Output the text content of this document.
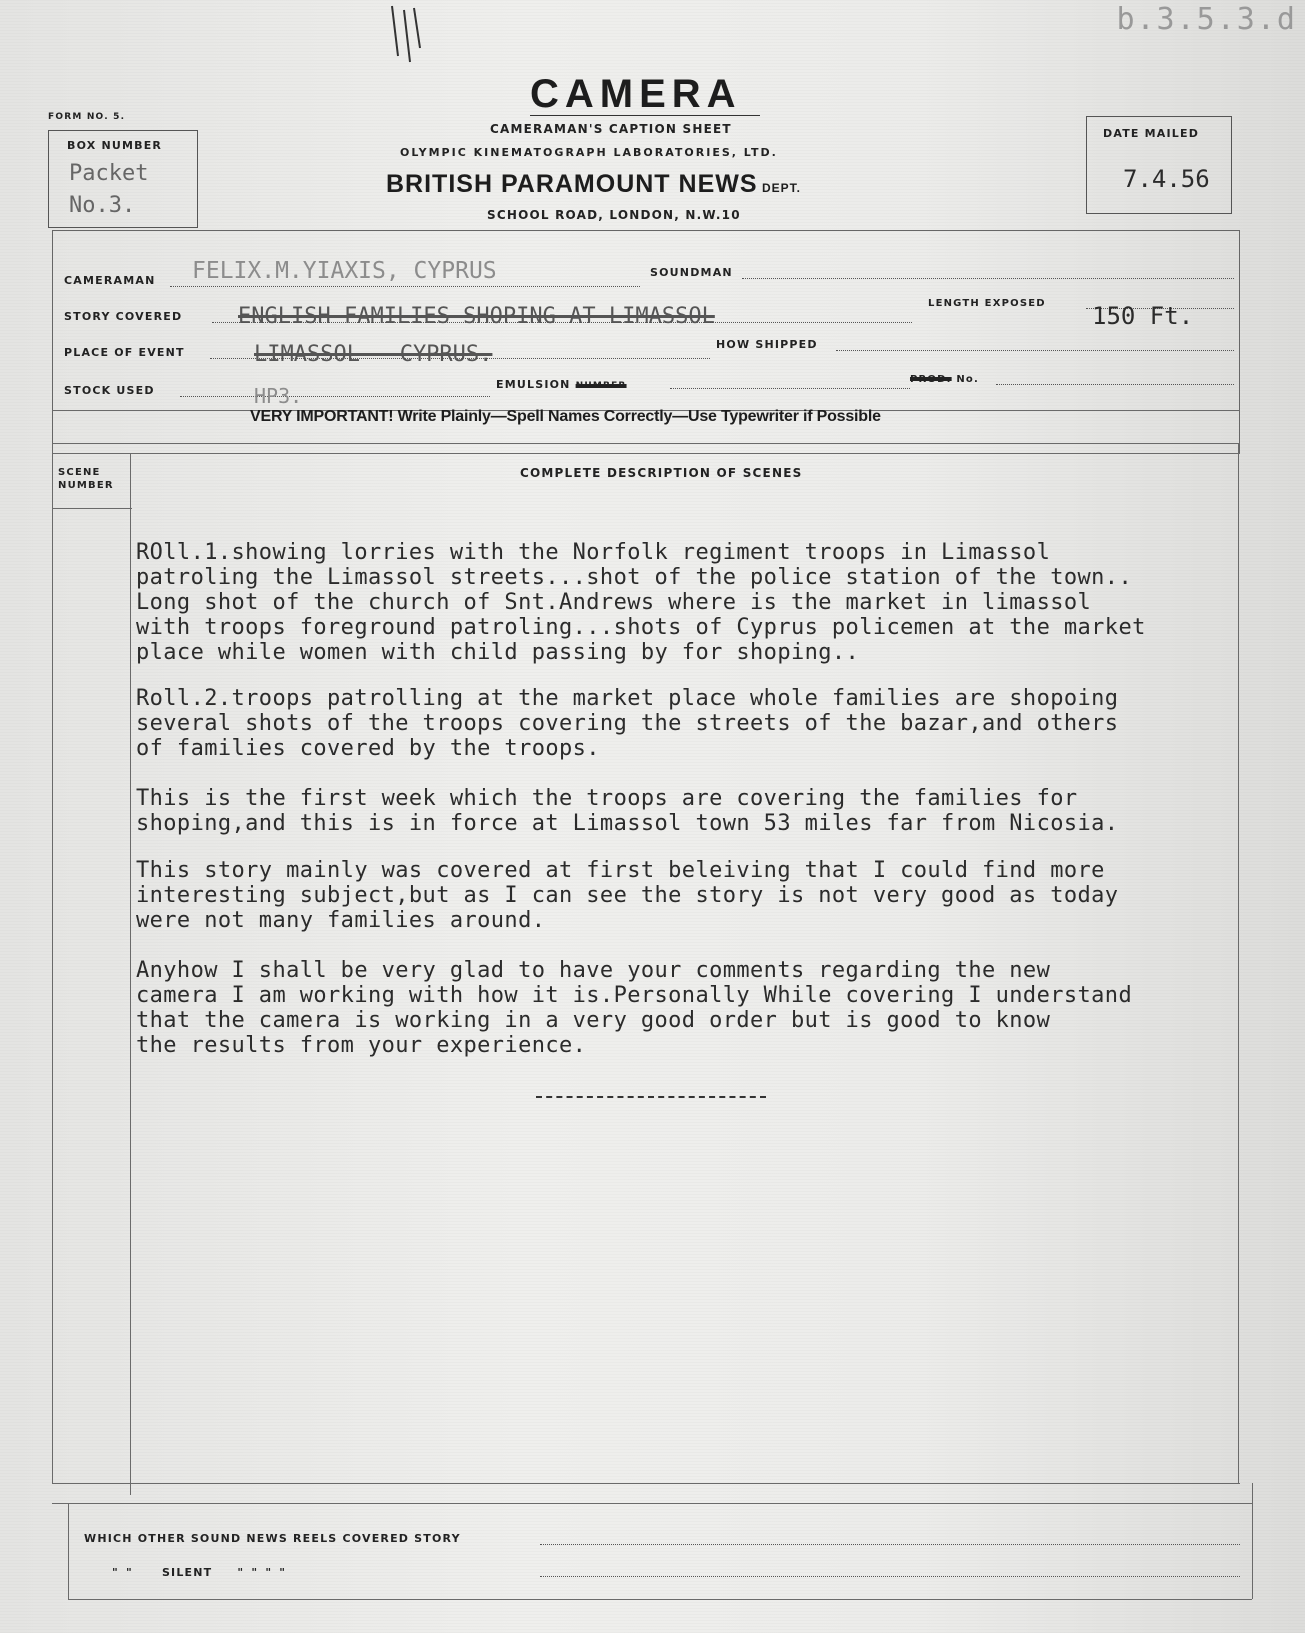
b.3.5.3.d
CAMERA
CAMERAMAN'S CAPTION SHEET
OLYMPIC KINEMATOGRAPH LABORATORIES, LTD.
BRITISH PARAMOUNT NEWS DEPT.
SCHOOL ROAD, LONDON, N.W.10
FORM NO. 5.
BOX NUMBER
Packet
No.3.
DATE MAILED
7.4.56
CAMERAMAN FELIX.M.YIAXIS, CYPRUS	SOUNDMAN
STORY COVERED	ENGLISH FAMILIES SHOPING AT LIMASSOL
LENGTH EXPOSED 150 Ft.
PLACE OF EVENT	LIMASSOL --CYPRUS.	HOW SHIPPED
STOCK USED	HP3.	EMULSION NUMBER
PROD. No.
VERY IMPORTANT! Write Plainly—Spell Names Correctly—Use Typewriter if Possible
SCENE
NUMBER
COMPLETE DESCRIPTION OF SCENES
ROll.1.showing lorries with the Norfolk regiment troops in Limassol
patroling the Limassol streets...shot of the police station of the town..
Long shot of the church of Snt.Andrews where is the market in limassol
with troops foreground patroling...shots of Cyprus policemen at the market
place while women with child passing by for shoping..
Roll.2.troops patrolling at the market place whole families are shopoing
several shots of the troops covering the streets of the bazar,and others
of families covered by the troops.
This is the first week which the troops are covering the families for
shoping,and this is in force at Limassol town 53 miles far from Nicosia.
This story mainly was covered at first beleiving that I could find more
interesting subject,but as I can see the story is not very good as today
were not many families around.
Anyhow I shall be very glad to have your comments regarding the new
camera I am working with how it is.Personally While covering I understand
that the camera is working in a very good order but is good to know
the results from your experience.
WHICH OTHER SOUND NEWS REELS COVERED STORY
" "	SILENT " " " "
